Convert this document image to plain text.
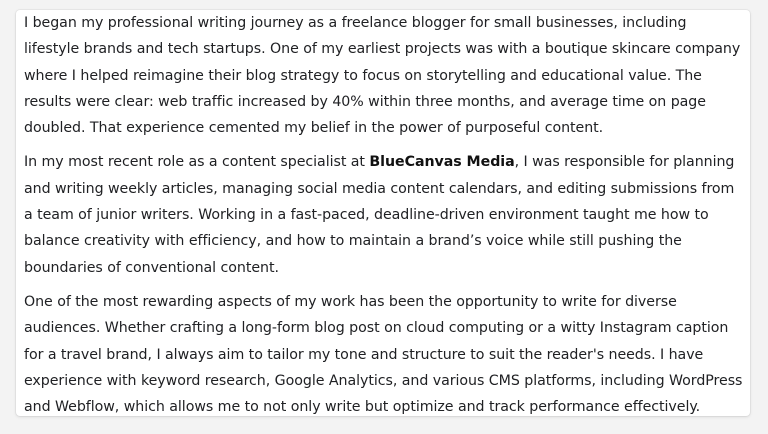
I began my professional writing journey as a freelance blogger for small businesses, including lifestyle brands and tech startups. One of my earliest projects was with a boutique skincare company where I helped reimagine their blog strategy to focus on storytelling and educational value. The results were clear: web traffic increased by 40% within three months, and average time on page doubled. That experience cemented my belief in the power of purposeful content.

In my most recent role as a content specialist at BlueCanvas Media, I was responsible for planning and writing weekly articles, managing social media content calendars, and editing submissions from a team of junior writers. Working in a fast-paced, deadline-driven environment taught me how to balance creativity with efficiency, and how to maintain a brand’s voice while still pushing the boundaries of conventional content.

One of the most rewarding aspects of my work has been the opportunity to write for diverse audiences. Whether crafting a long-form blog post on cloud computing or a witty Instagram caption for a travel brand, I always aim to tailor my tone and structure to suit the reader's needs. I have experience with keyword research, Google Analytics, and various CMS platforms, including WordPress and Webflow, which allows me to not only write but optimize and track performance effectively.
